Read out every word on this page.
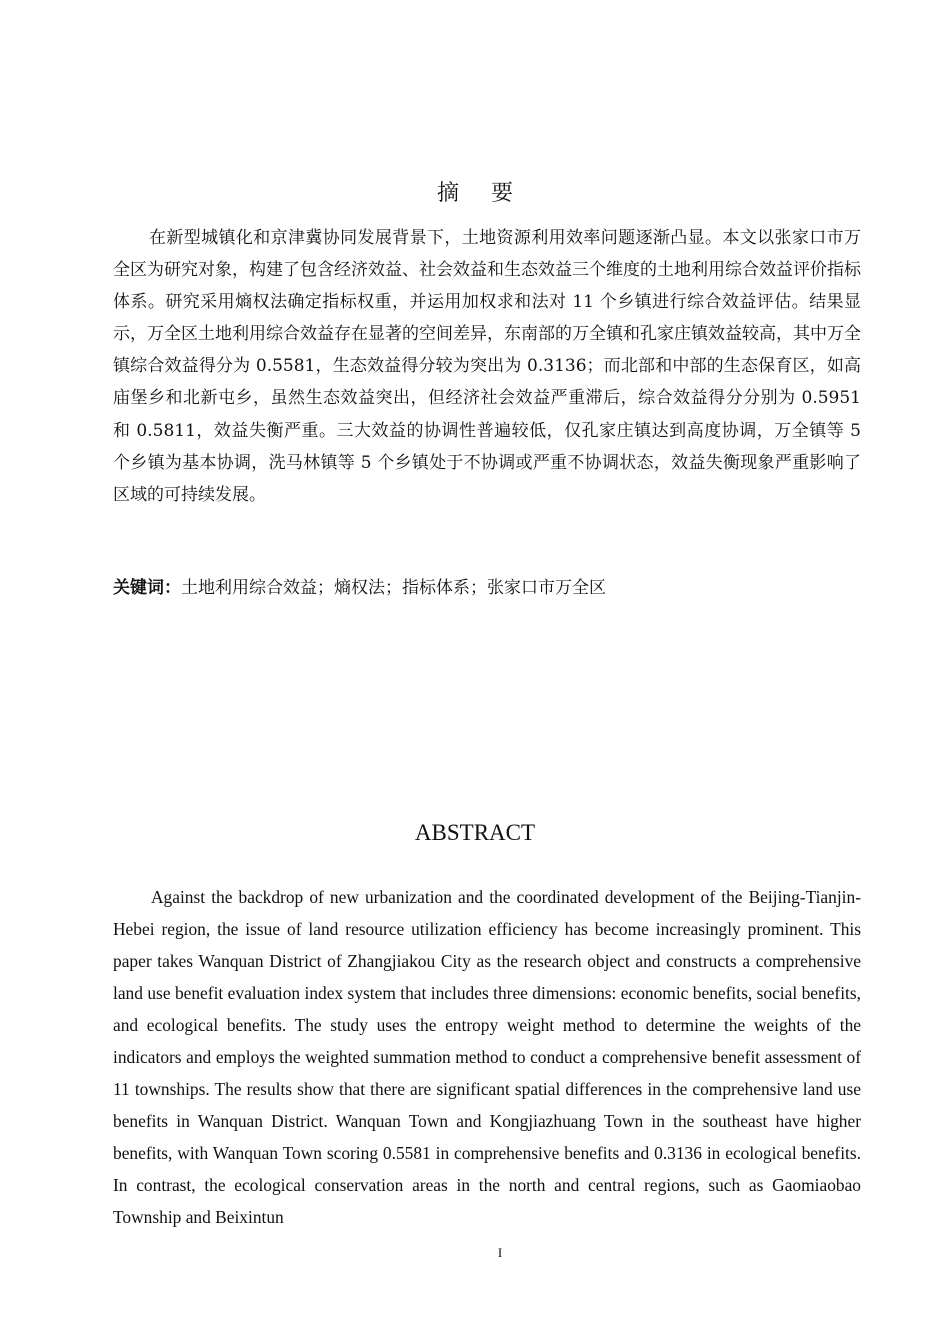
摘要

在新型城镇化和京津冀协同发展背景下，土地资源利用效率问题逐渐凸显。本文以张家口市万全区为研究对象，构建了包含经济效益、社会效益和生态效益三个维度的土地利用综合效益评价指标体系。研究采用熵权法确定指标权重，并运用加权求和法对 11 个乡镇进行综合效益评估。结果显示，万全区土地利用综合效益存在显著的空间差异，东南部的万全镇和孔家庄镇效益较高，其中万全镇综合效益得分为 0.5581，生态效益得分较为突出为 0.3136；而北部和中部的生态保育区，如高庙堡乡和北新屯乡，虽然生态效益突出，但经济社会效益严重滞后，综合效益得分分别为 0.5951 和 0.5811，效益失衡严重。三大效益的协调性普遍较低，仅孔家庄镇达到高度协调，万全镇等 5 个乡镇为基本协调，洗马林镇等 5 个乡镇处于不协调或严重不协调状态，效益失衡现象严重影响了区域的可持续发展。

关键词：土地利用综合效益；熵权法；指标体系；张家口市万全区

ABSTRACT

Against the backdrop of new urbanization and the coordinated development of the Beijing-Tianjin-Hebei region, the issue of land resource utilization efficiency has become increasingly prominent. This paper takes Wanquan District of Zhangjiakou City as the research object and constructs a comprehensive land use benefit evaluation index system that includes three dimensions: economic benefits, social benefits, and ecological benefits. The study uses the entropy weight method to determine the weights of the indicators and employs the weighted summation method to conduct a comprehensive benefit assessment of 11 townships. The results show that there are significant spatial differences in the comprehensive land use benefits in Wanquan District. Wanquan Town and Kongjiazhuang Town in the southeast have higher benefits, with Wanquan Town scoring 0.5581 in comprehensive benefits and 0.3136 in ecological benefits. In contrast, the ecological conservation areas in the north and central regions, such as Gaomiaobao Township and Beixintun

I
